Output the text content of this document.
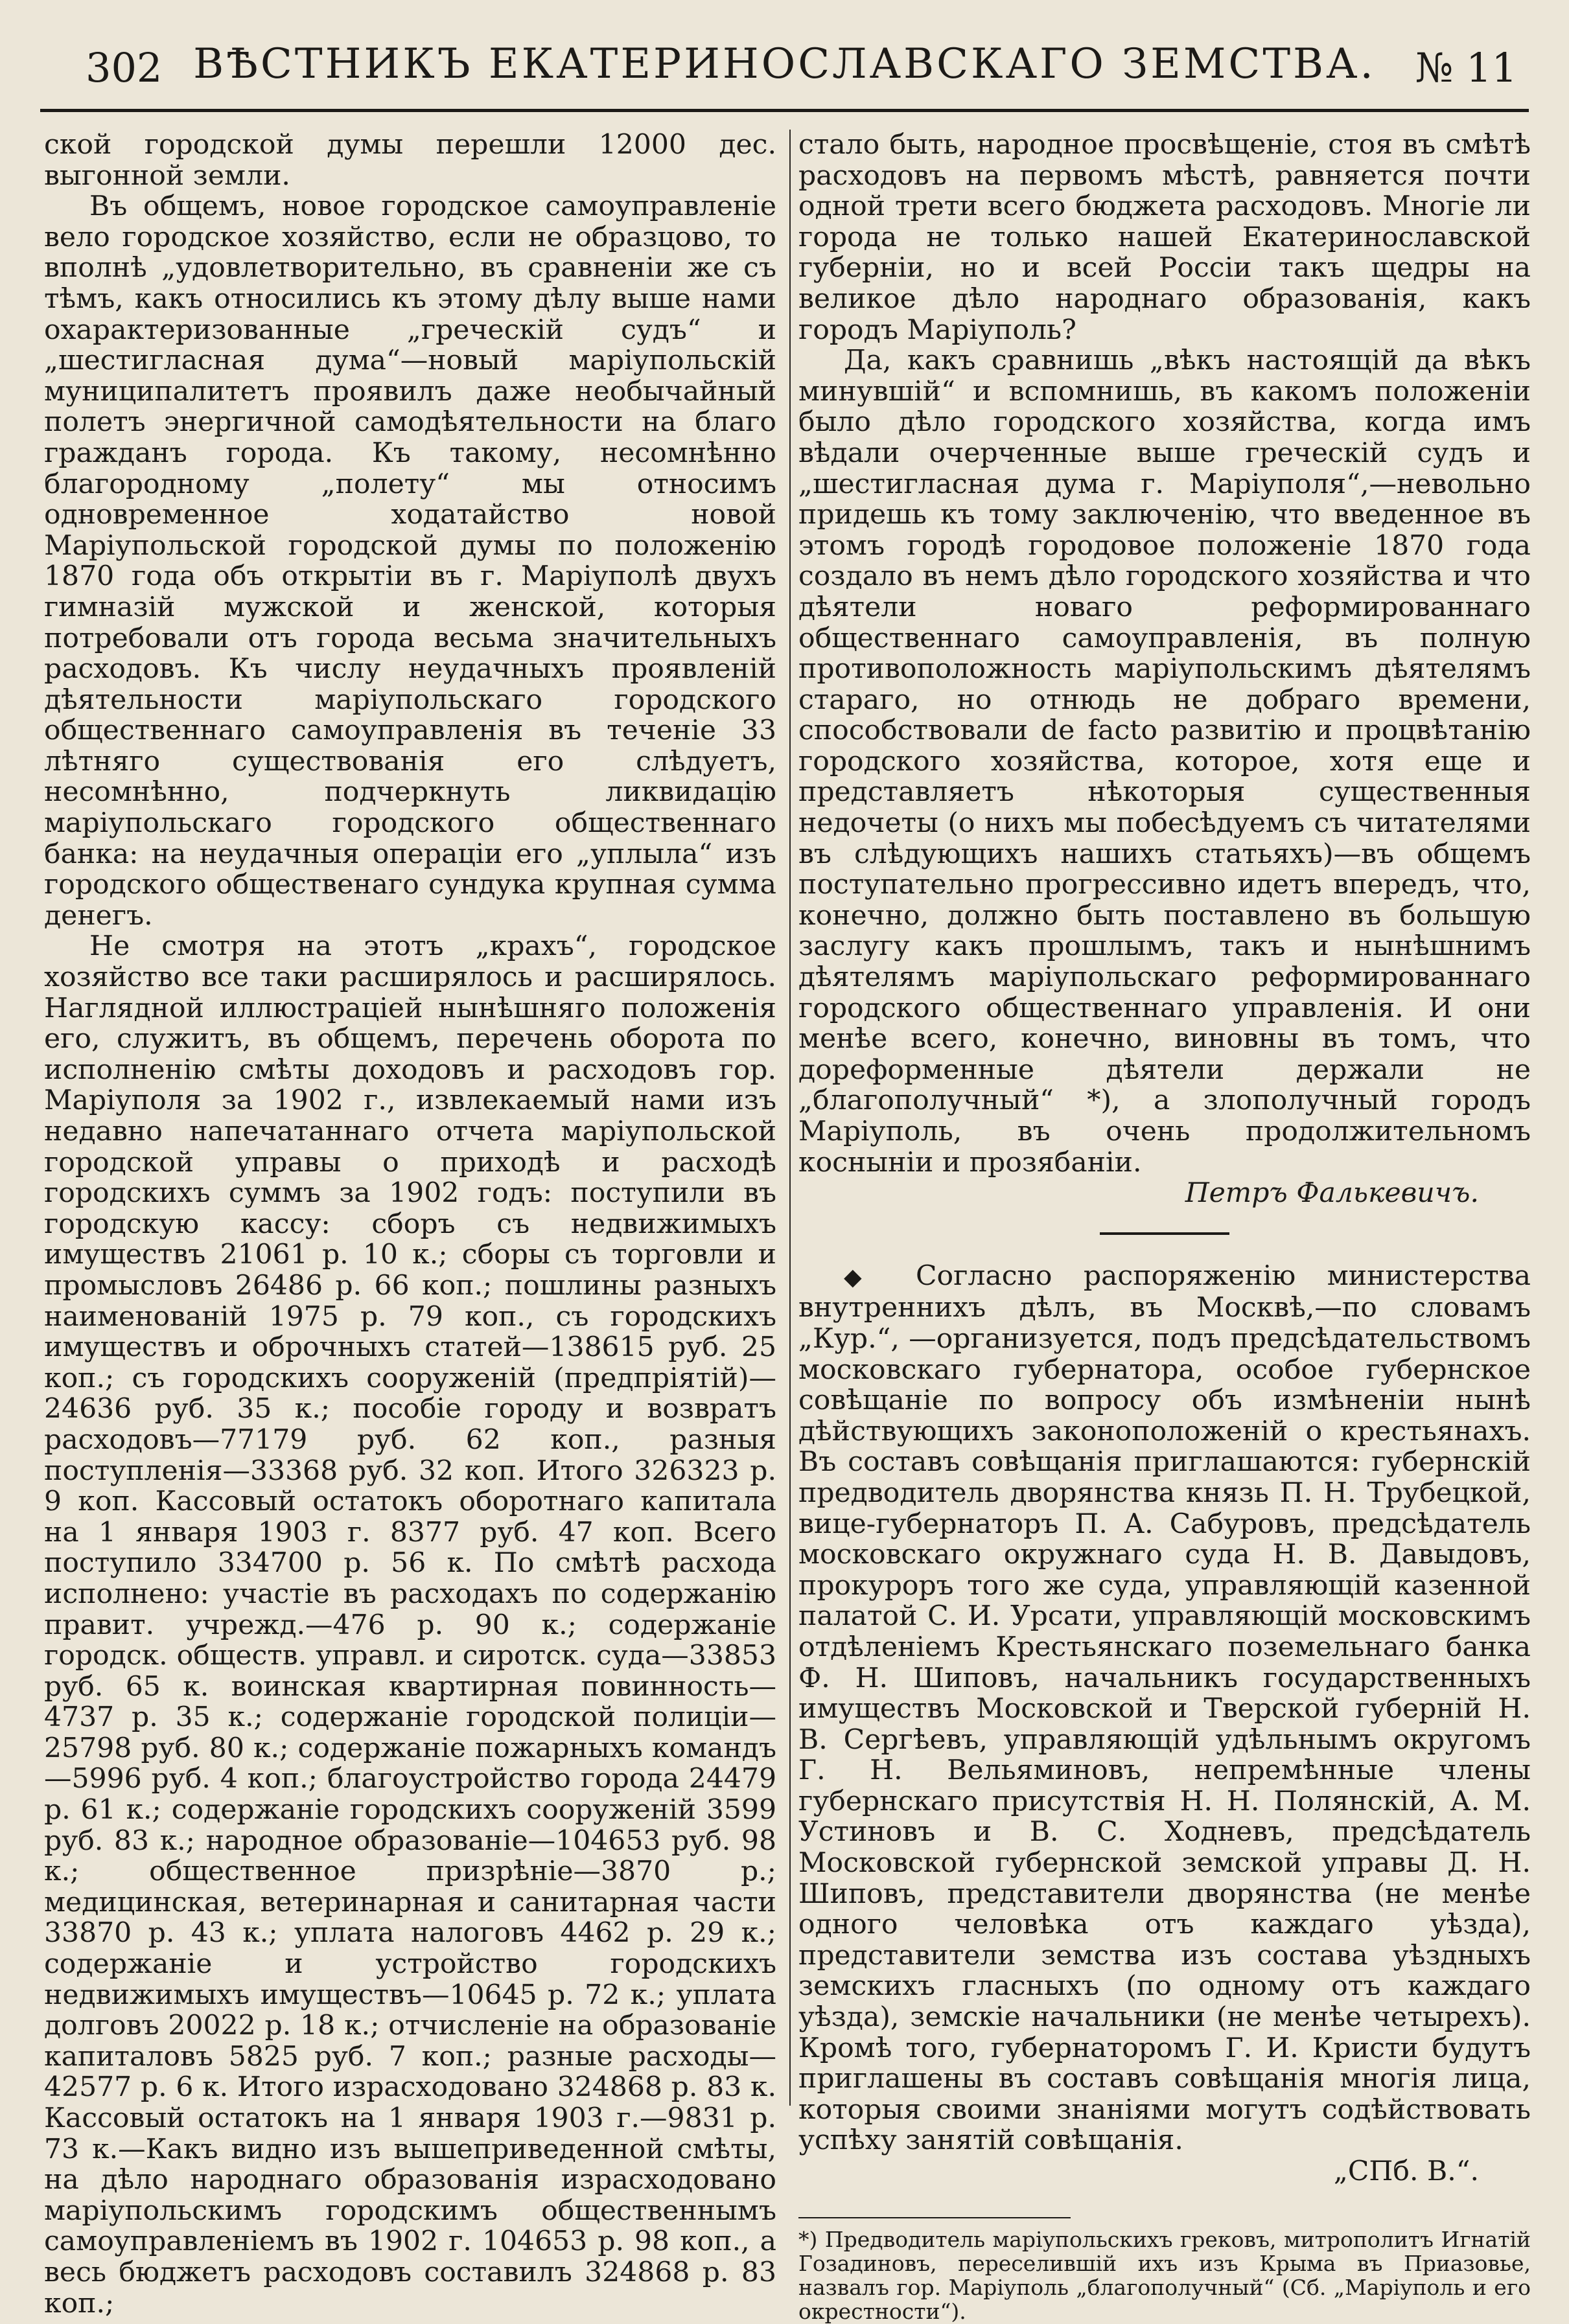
302 ВѢСТНИКЪ ЕКАТЕРИНОСЛАВСКАГО ЗЕМСТВА. № 11

ской городской думы перешли 12000 дес. выгонной земли.

Въ общемъ, новое городское самоуправленіе вело городское хозяйство, если не образцово, то вполнѣ „удовлетворительно, въ сравненіи же съ тѣмъ, какъ относились къ этому дѣлу выше нами охарактеризованные „греческій судъ“ и „шестигласная дума“—новый маріупольскій муниципалитетъ проявилъ даже необычайный полетъ энергичной самодѣятельности на благо гражданъ города. Къ такому, несомнѣнно благородному „полету“ мы относимъ одновременное ходатайство новой Маріупольской городской думы по положенію 1870 года объ открытіи въ г. Маріуполѣ двухъ гимназій мужской и женской, которыя потребовали отъ города весьма значительныхъ расходовъ. Къ числу неудачныхъ проявленій дѣятельности маріупольскаго городского общественнаго самоуправленія въ теченіе 33 лѣтняго существованія его слѣдуетъ, несомнѣнно, подчеркнуть ликвидацію маріупольскаго городского общественнаго банка: на неудачныя операціи его „уплыла“ изъ городского общественаго сундука крупная сумма денегъ.

Не смотря на этотъ „крахъ“, городское хозяйство все таки расширялось и расширялось. Наглядной иллюстраціей нынѣшняго положенія его, служитъ, въ общемъ, перечень оборота по исполненію смѣты доходовъ и расходовъ гор. Маріуполя за 1902 г., извлекаемый нами изъ недавно напечатаннаго отчета маріупольской городской управы о приходѣ и расходѣ городскихъ суммъ за 1902 годъ: поступили въ городскую кассу: сборъ съ недвижимыхъ имуществъ 21061 р. 10 к.; сборы съ торговли и промысловъ 26486 р. 66 коп.; пошлины разныхъ наименованій 1975 р. 79 коп., съ городскихъ имуществъ и оброчныхъ статей—138615 руб. 25 коп.; съ городскихъ сооруженій (предпріятій)—24636 руб. 35 к.; пособіе городу и возвратъ расходовъ—77179 руб. 62 коп., разныя поступленія—33368 руб. 32 коп. Итого 326323 р. 9 коп. Кассовый остатокъ оборотнаго капитала на 1 января 1903 г. 8377 руб. 47 коп. Всего поступило 334700 р. 56 к. По смѣтѣ расхода исполнено: участіе въ расходахъ по содержанію правит. учрежд.—476 р. 90 к.; содержаніе городск. обществ. управл. и сиротск. суда—33853 руб. 65 к. воинская квартирная повинность—4737 р. 35 к.; содержаніе городской полиціи—25798 руб. 80 к.; содержаніе пожарныхъ командъ—5996 руб. 4 коп.; благоустройство города 24479 р. 61 к.; содержаніе городскихъ сооруженій 3599 руб. 83 к.; народное образованіе—104653 руб. 98 к.; общественное призрѣніе—3870 р.; медицинская, ветеринарная и санитарная части 33870 р. 43 к.; уплата налоговъ 4462 р. 29 к.; содержаніе и устройство городскихъ недвижимыхъ имуществъ—10645 р. 72 к.; уплата долговъ 20022 р. 18 к.; отчисленіе на образованіе капиталовъ 5825 руб. 7 коп.; разные расходы—42577 р. 6 к. Итого израсходовано 324868 р. 83 к. Кассовый остатокъ на 1 января 1903 г.—9831 р. 73 к.—Какъ видно изъ вышеприведенной смѣты, на дѣло народнаго образованія израсходовано маріупольскимъ городскимъ общественнымъ самоуправленіемъ въ 1902 г. 104653 р. 98 коп., а весь бюджетъ расходовъ составилъ 324868 р. 83 коп.;

стало быть, народное просвѣщеніе, стоя въ смѣтѣ расходовъ на первомъ мѣстѣ, равняется почти одной трети всего бюджета расходовъ. Многіе ли города не только нашей Екатеринославской губерніи, но и всей Россіи такъ щедры на великое дѣло народнаго образованія, какъ городъ Маріуполь?

Да, какъ сравнишь „вѣкъ настоящій да вѣкъ минувшій“ и вспомнишь, въ какомъ положеніи было дѣло городского хозяйства, когда имъ вѣдали очерченные выше греческій судъ и „шестигласная дума г. Маріуполя“,—невольно придешь къ тому заключенію, что введенное въ этомъ городѣ городовое положеніе 1870 года создало въ немъ дѣло городского хозяйства и что дѣятели новаго реформированнаго общественнаго самоуправленія, въ полную противоположность маріупольскимъ дѣятелямъ стараго, но отнюдь не добраго времени, способствовали de facto развитію и процвѣтанію городского хозяйства, которое, хотя еще и представляетъ нѣкоторыя существенныя недочеты (о нихъ мы побесѣдуемъ съ читателями въ слѣдующихъ нашихъ статьяхъ)—въ общемъ поступательно прогрессивно идетъ впередъ, что, конечно, должно быть поставлено въ большую заслугу какъ прошлымъ, такъ и нынѣшнимъ дѣятелямъ маріупольскаго реформированнаго городского общественнаго управленія. И они менѣе всего, конечно, виновны въ томъ, что дореформенные дѣятели держали не „благополучный“ *), а злополучный городъ Маріуполь, въ очень продолжительномъ косныніи и прозябаніи.

Петръ Фалькевичъ.

◆ Согласно распоряженію министерства внутреннихъ дѣлъ, въ Москвѣ,—по словамъ „Кур.“, —организуется, подъ предсѣдательствомъ московскаго губернатора, особое губернское совѣщаніе по вопросу объ измѣненіи нынѣ дѣйствующихъ законоположеній о крестьянахъ. Въ составъ совѣщанія приглашаются: губернскій предводитель дворянства князь П. Н. Трубецкой, вице-губернаторъ П. А. Сабуровъ, предсѣдатель московскаго окружнаго суда Н. В. Давыдовъ, прокуроръ того же суда, управляющій казенной палатой С. И. Урсати, управляющій московскимъ отдѣленіемъ Крестьянскаго поземельнаго банка Ф. Н. Шиповъ, начальникъ государственныхъ имуществъ Московской и Тверской губерній Н. В. Сергѣевъ, управляющій удѣльнымъ округомъ Г. Н. Вельяминовъ, непремѣнные члены губернскаго присутствія Н. Н. Полянскій, А. М. Устиновъ и В. С. Ходневъ, предсѣдатель Московской губернской земской управы Д. Н. Шиповъ, представители дворянства (не менѣе одного человѣка отъ каждаго уѣзда), представители земства изъ состава уѣздныхъ земскихъ гласныхъ (по одному отъ каждаго уѣзда), земскіе начальники (не менѣе четырехъ). Кромѣ того, губернаторомъ Г. И. Кристи будутъ приглашены въ составъ совѣщанія многія лица, которыя своими знаніями могутъ содѣйствовать успѣху занятій совѣщанія.

„СПб. В.“.

*) Предводитель маріупольскихъ грековъ, митрополитъ Игнатій Гозадиновъ, переселившій ихъ изъ Крыма въ Приазовье, назвалъ гор. Маріуполь „благополучный“ (Сб. „Маріуполь и его окрестности“).
